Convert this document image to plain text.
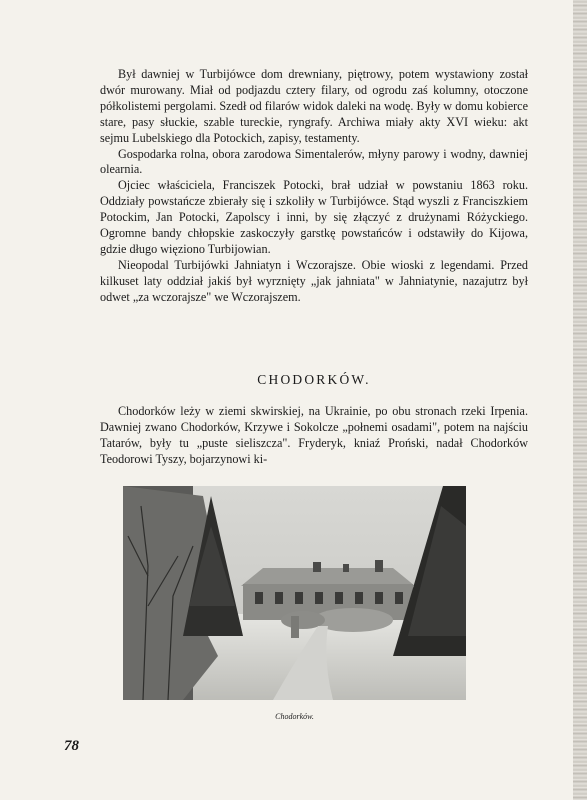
Był dawniej w Turbijówce dom drewniany, piętrowy, potem wystawiony został dwór murowany. Miał od podjazdu cztery filary, od ogrodu zaś kolumny, otoczone półkolistemi pergolami. Szedł od filarów widok daleki na wodę. Były w domu kobierce stare, pasy słuckie, szable tureckie, ryngrafy. Archiwa miały akty XVI wieku: akt sejmu Lubelskiego dla Potockich, zapisy, testamenty.

Gospodarka rolna, obora zarodowa Simentalerów, młyny parowy i wodny, dawniej olearnia.

Ojciec właściciela, Franciszek Potocki, brał udział w powstaniu 1863 roku. Oddziały powstańcze zbierały się i szkoliły w Turbijówce. Stąd wyszli z Franciszkiem Potockim, Jan Potocki, Zapolscy i inni, by się złączyć z drużynami Różyckiego. Ogromne bandy chłopskie zaskoczyły garstkę powstańców i odstawiły do Kijowa, gdzie długo więziono Turbijowian.

Nieopodal Turbijówki Jahniatyn i Wczorajsze. Obie wioski z legendami. Przed kilkuset laty oddział jakiś był wyrznięty „jak jahniata" w Jahniatynie, nazajutrz był odwet „za wczorajsze" we Wczorajszem.

CHODORKÓW.

Chodorków leży w ziemi skwirskiej, na Ukrainie, po obu stronach rzeki Irpenia. Dawniej zwano Chodorków, Krzywe i Sokolcze „połnemi osadami", potem na najściu Tatarów, były tu „puste sieliszcza". Fryderyk, kniaź Proński, nadał Chodorków Teodorowi Tyszy, bojarzynowi ki-

Chodorków.
78
